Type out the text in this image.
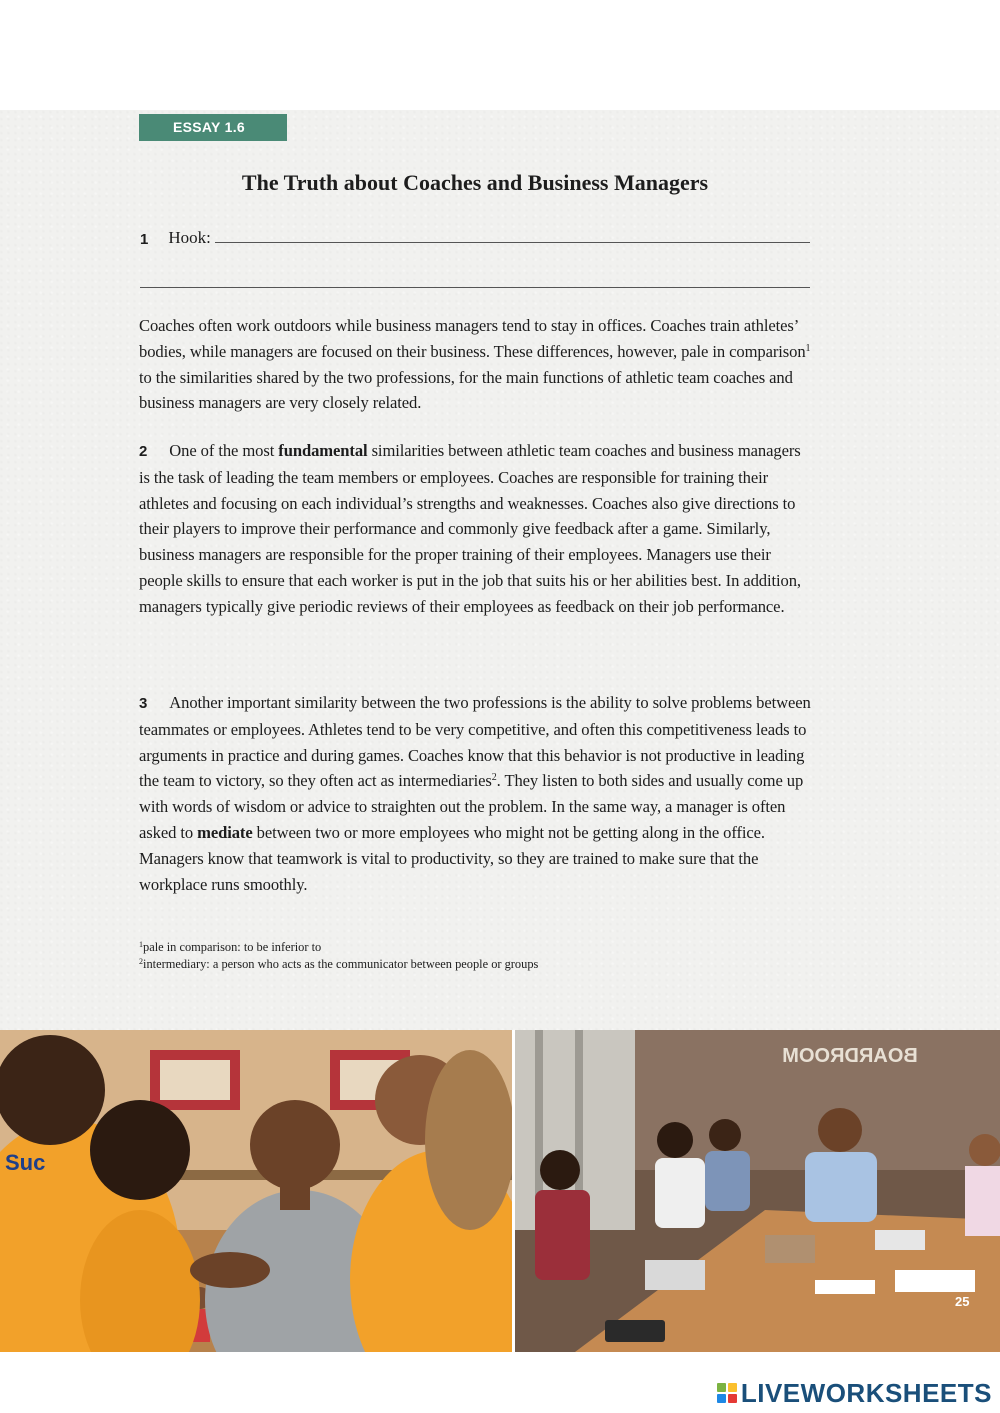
ESSAY 1.6
The Truth about Coaches and Business Managers
1 Hook:

Coaches often work outdoors while business managers tend to stay in offices. Coaches train athletes’ bodies, while managers are focused on their business. These differences, however, pale in comparison$^1$ to the similarities shared by the two professions, for the main functions of athletic team coaches and business managers are very closely related.

2 One of the most fundamental similarities between athletic team coaches and business managers is the task of leading the team members or employees. Coaches are responsible for training their athletes and focusing on each individual’s strengths and weaknesses. Coaches also give directions to their players to improve their performance and commonly give feedback after a game. Similarly, business managers are responsible for the proper training of their employees. Managers use their people skills to ensure that each worker is put in the job that suits his or her abilities best. In addition, managers typically give periodic reviews of their employees as feedback on their job performance.

3 Another important similarity between the two professions is the ability to solve problems between teammates or employees. Athletes tend to be very competitive, and often this competitiveness leads to arguments in practice and during games. Coaches know that this behavior is not productive in leading the team to victory, so they often act as intermediaries$^2$. They listen to both sides and usually come up with words of wisdom or advice to straighten out the problem. In the same way, a manager is often asked to mediate between two or more employees who might not be getting along in the office. Managers know that teamwork is vital to productivity, so they are trained to make sure that the workplace runs smoothly.

$^1$pale in comparison: to be inferior to
$^2$intermediary: a person who acts as the communicator between people or groups
Suc
BOARDROOM
25
LIVEWORKSHEETS
